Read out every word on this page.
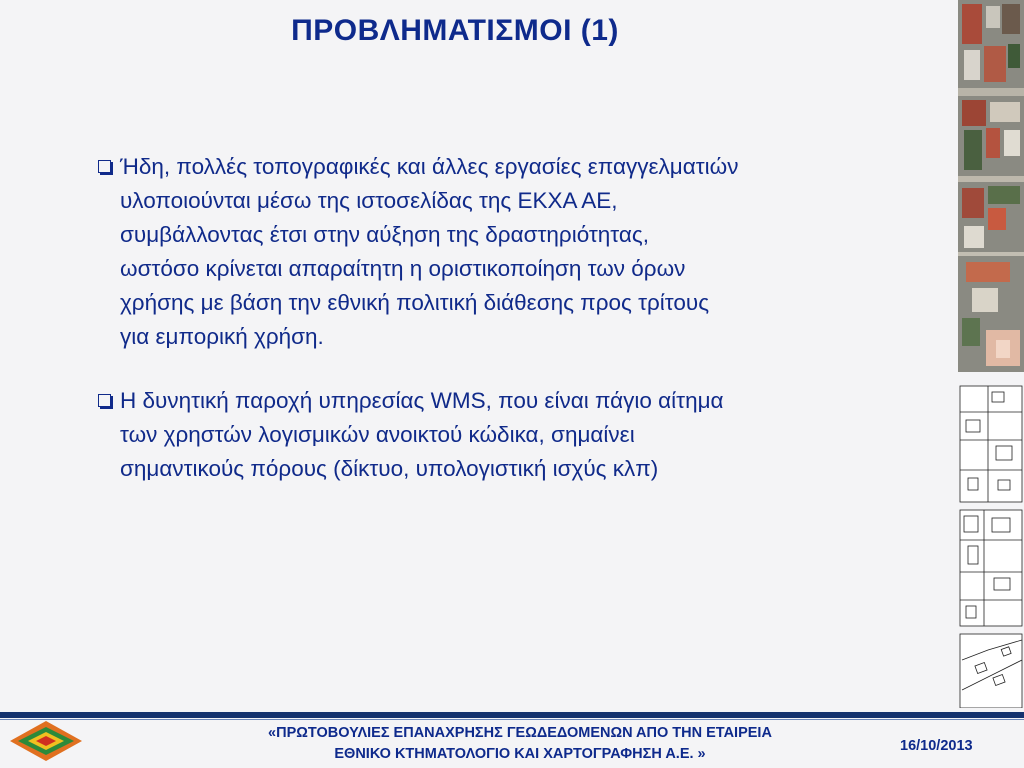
ΠΡΟΒΛΗΜΑΤΙΣΜΟΙ (1)
Ήδη, πολλές τοπογραφικές και άλλες εργασίες επαγγελματιών
υλοποιούνται μέσω της ιστοσελίδας της ΕΚΧΑ ΑΕ,
συμβάλλοντας έτσι στην αύξηση της δραστηριότητας,
ωστόσο κρίνεται απαραίτητη η οριστικοποίηση των όρων
χρήσης με βάση την εθνική πολιτική διάθεσης προς τρίτους
για εμπορική χρήση.
Η δυνητική παροχή υπηρεσίας WMS, που είναι πάγιο αίτημα
των χρηστών λογισμικών ανοικτού κώδικα, σημαίνει
σημαντικούς πόρους (δίκτυο, υπολογιστική ισχύς κλπ)
«ΠΡΩΤΟΒΟΥΛΙΕΣ ΕΠΑΝΑΧΡΗΣΗΣ ΓΕΩΔΕΔΟΜΕΝΩΝ ΑΠΟ ΤΗΝ ΕΤΑΙΡΕΙΑ
ΕΘΝΙΚΟ ΚΤΗΜΑΤΟΛΟΓΙΟ ΚΑΙ ΧΑΡΤΟΓΡΑΦΗΣΗ Α.Ε. »	16/10/2013
